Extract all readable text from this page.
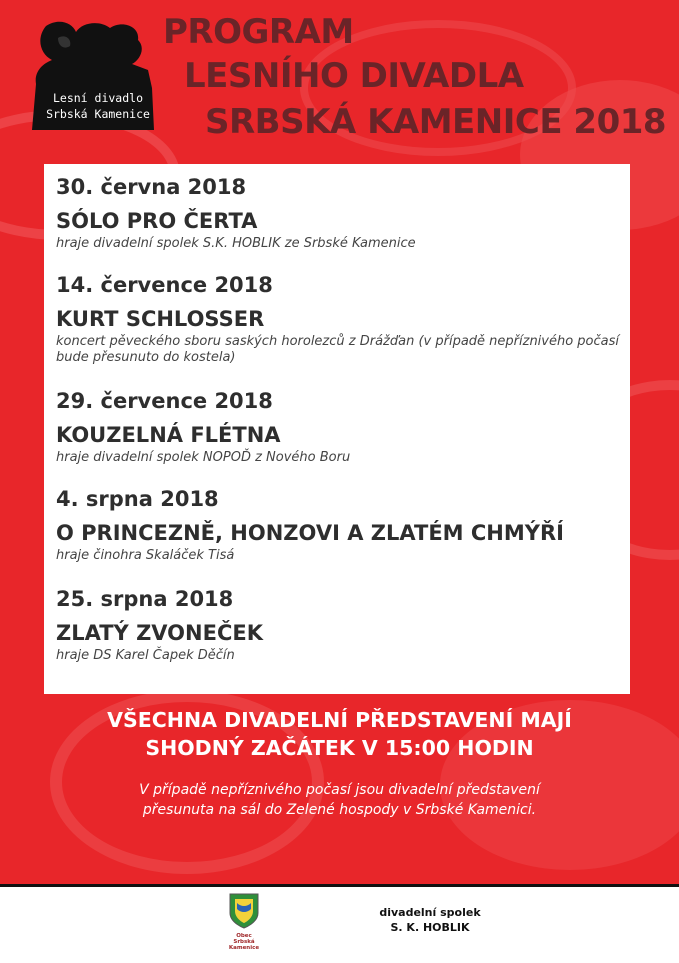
Lesní divadlo
Srbská Kamenice
PROGRAM
LESNÍHO DIVADLA
SRBSKÁ KAMENICE 2018
30. června 2018
SÓLO PRO ČERTA
hraje divadelní spolek S.K. HOBLIK ze Srbské Kamenice
14. července 2018
KURT SCHLOSSER
koncert pěveckého sboru saských horolezců z Drážďan (v případě nepříznivého počasí bude přesunuto do kostela)
29. července 2018
KOUZELNÁ FLÉTNA
hraje divadelní spolek NOPOĎ z Nového Boru
4. srpna 2018
O PRINCEZNĚ, HONZOVI A ZLATÉM CHMÝŘÍ
hraje činohra Skaláček Tisá
25. srpna 2018
ZLATÝ ZVONEČEK
hraje DS Karel Čapek Děčín
VŠECHNA DIVADELNÍ PŘEDSTAVENÍ MAJÍ
SHODNÝ ZAČÁTEK V 15:00 HODIN
V případě nepříznivého počasí jsou divadelní představení
přesunuta na sál do Zelené hospody v Srbské Kamenici.
Obec
Srbská Kamenice
divadelní spolek
S. K. HOBLIK
